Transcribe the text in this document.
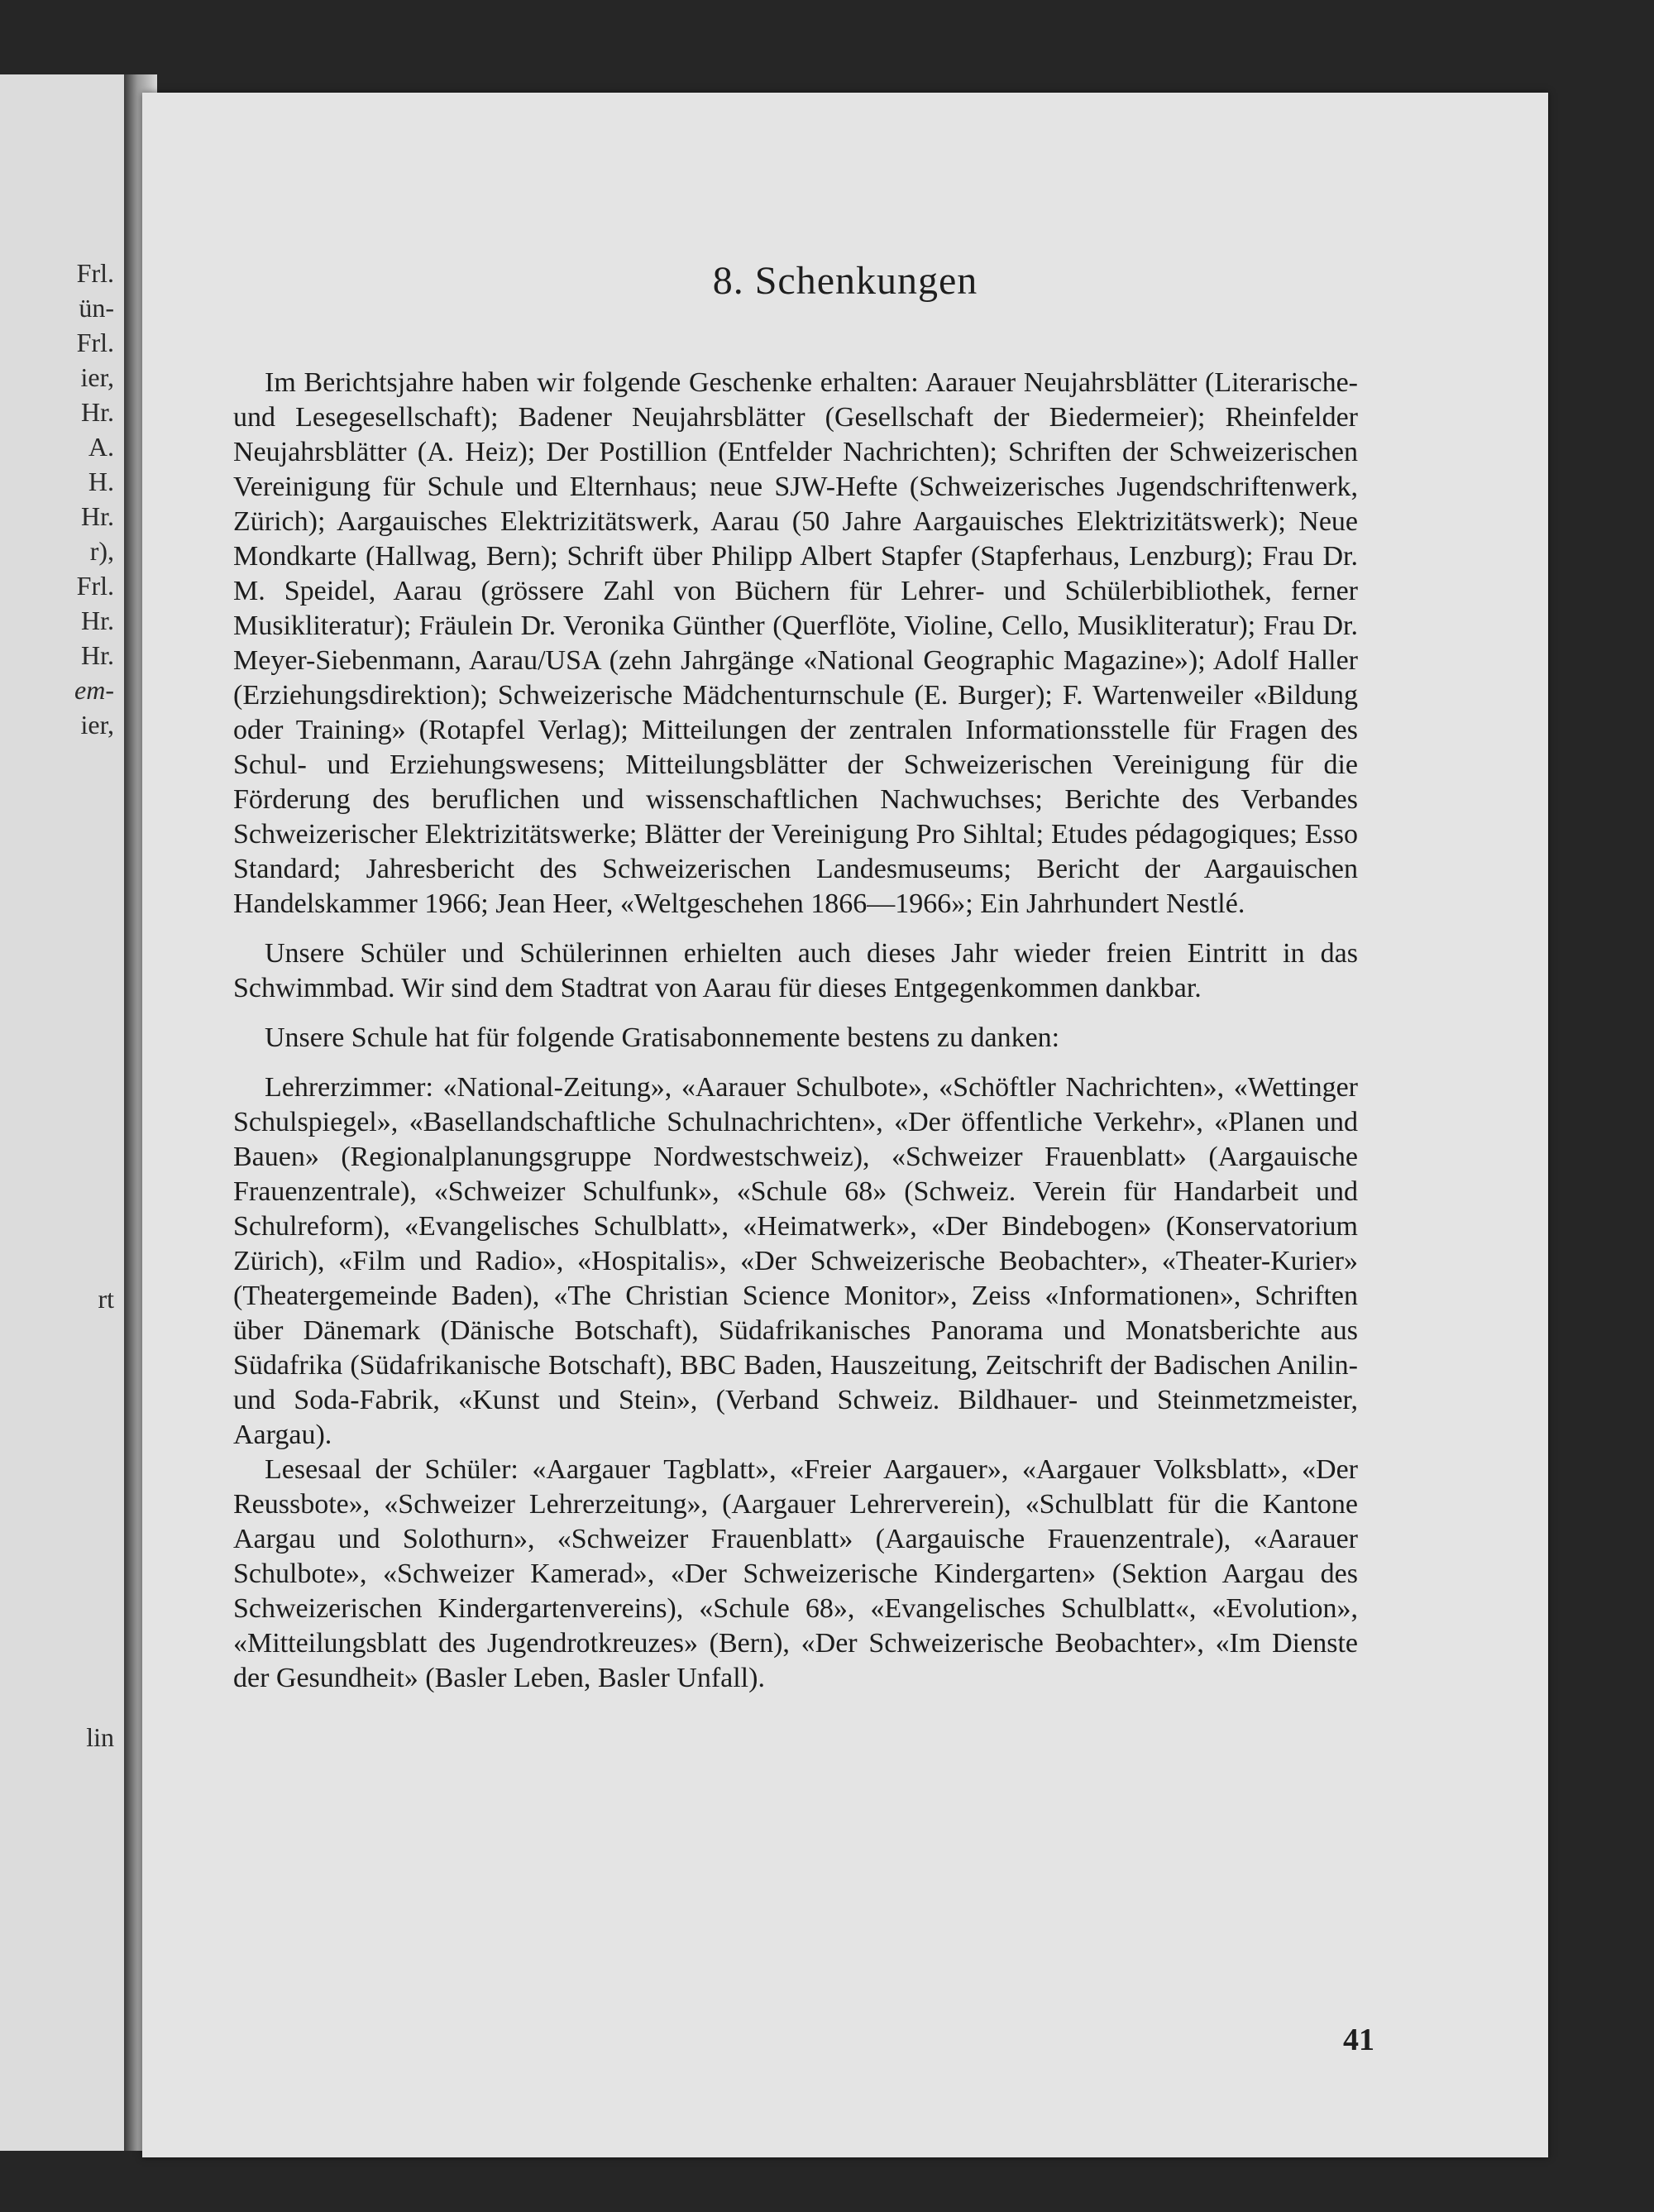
Frl.
ün-
Frl.
ier,
Hr.
A.
H.
Hr.
r),
Frl.
Hr.
Hr.
em-
ier,
rt
lin
8. Schenkungen

Im Berichtsjahre haben wir folgende Geschenke erhalten: Aarauer Neujahrsblätter (Literarische- und Lesegesellschaft); Badener Neujahrsblätter (Gesellschaft der Biedermeier); Rheinfelder Neujahrsblätter (A. Heiz); Der Postillion (Entfelder Nachrichten); Schriften der Schweizerischen Vereinigung für Schule und Elternhaus; neue SJW-Hefte (Schweizerisches Jugendschriftenwerk, Zürich); Aargauisches Elektrizitätswerk, Aarau (50 Jahre Aargauisches Elektrizitätswerk); Neue Mondkarte (Hallwag, Bern); Schrift über Philipp Albert Stapfer (Stapferhaus, Lenzburg); Frau Dr. M. Speidel, Aarau (grössere Zahl von Büchern für Lehrer- und Schülerbibliothek, ferner Musikliteratur); Fräulein Dr. Veronika Günther (Querflöte, Violine, Cello, Musikliteratur); Frau Dr. Meyer-Siebenmann, Aarau/USA (zehn Jahrgänge «National Geographic Magazine»); Adolf Haller (Erziehungsdirektion); Schweizerische Mädchenturnschule (E. Burger); F. Wartenweiler «Bildung oder Training» (Rotapfel Verlag); Mitteilungen der zentralen Informationsstelle für Fragen des Schul- und Erziehungswesens; Mitteilungsblätter der Schweizerischen Vereinigung für die Förderung des beruflichen und wissenschaftlichen Nachwuchses; Berichte des Verbandes Schweizerischer Elektrizitätswerke; Blätter der Vereinigung Pro Sihltal; Etudes pédagogiques; Esso Standard; Jahresbericht des Schweizerischen Landesmuseums; Bericht der Aargauischen Handelskammer 1966; Jean Heer, «Weltgeschehen 1866—1966»; Ein Jahrhundert Nestlé.

Unsere Schüler und Schülerinnen erhielten auch dieses Jahr wieder freien Eintritt in das Schwimmbad. Wir sind dem Stadtrat von Aarau für dieses Entgegenkommen dankbar.

Unsere Schule hat für folgende Gratisabonnemente bestens zu danken:

Lehrerzimmer: «National-Zeitung», «Aarauer Schulbote», «Schöftler Nachrichten», «Wettinger Schulspiegel», «Basellandschaftliche Schulnachrichten», «Der öffentliche Verkehr», «Planen und Bauen» (Regionalplanungsgruppe Nordwestschweiz), «Schweizer Frauenblatt» (Aargauische Frauenzentrale), «Schweizer Schulfunk», «Schule 68» (Schweiz. Verein für Handarbeit und Schulreform), «Evangelisches Schulblatt», «Heimatwerk», «Der Bindebogen» (Konservatorium Zürich), «Film und Radio», «Hospitalis», «Der Schweizerische Beobachter», «Theater-Kurier» (Theatergemeinde Baden), «The Christian Science Monitor», Zeiss «Informationen», Schriften über Dänemark (Dänische Botschaft), Südafrikanisches Panorama und Monatsberichte aus Südafrika (Südafrikanische Botschaft), BBC Baden, Hauszeitung, Zeitschrift der Badischen Anilin- und Soda-Fabrik, «Kunst und Stein», (Verband Schweiz. Bildhauer- und Steinmetzmeister, Aargau).

Lesesaal der Schüler: «Aargauer Tagblatt», «Freier Aargauer», «Aargauer Volksblatt», «Der Reussbote», «Schweizer Lehrerzeitung», (Aargauer Lehrerverein), «Schulblatt für die Kantone Aargau und Solothurn», «Schweizer Frauenblatt» (Aargauische Frauenzentrale), «Aarauer Schulbote», «Schweizer Kamerad», «Der Schweizerische Kindergarten» (Sektion Aargau des Schweizerischen Kindergartenvereins), «Schule 68», «Evangelisches Schulblatt«, «Evolution», «Mitteilungsblatt des Jugendrotkreuzes» (Bern), «Der Schweizerische Beobachter», «Im Dienste der Gesundheit» (Basler Leben, Basler Unfall).

41
